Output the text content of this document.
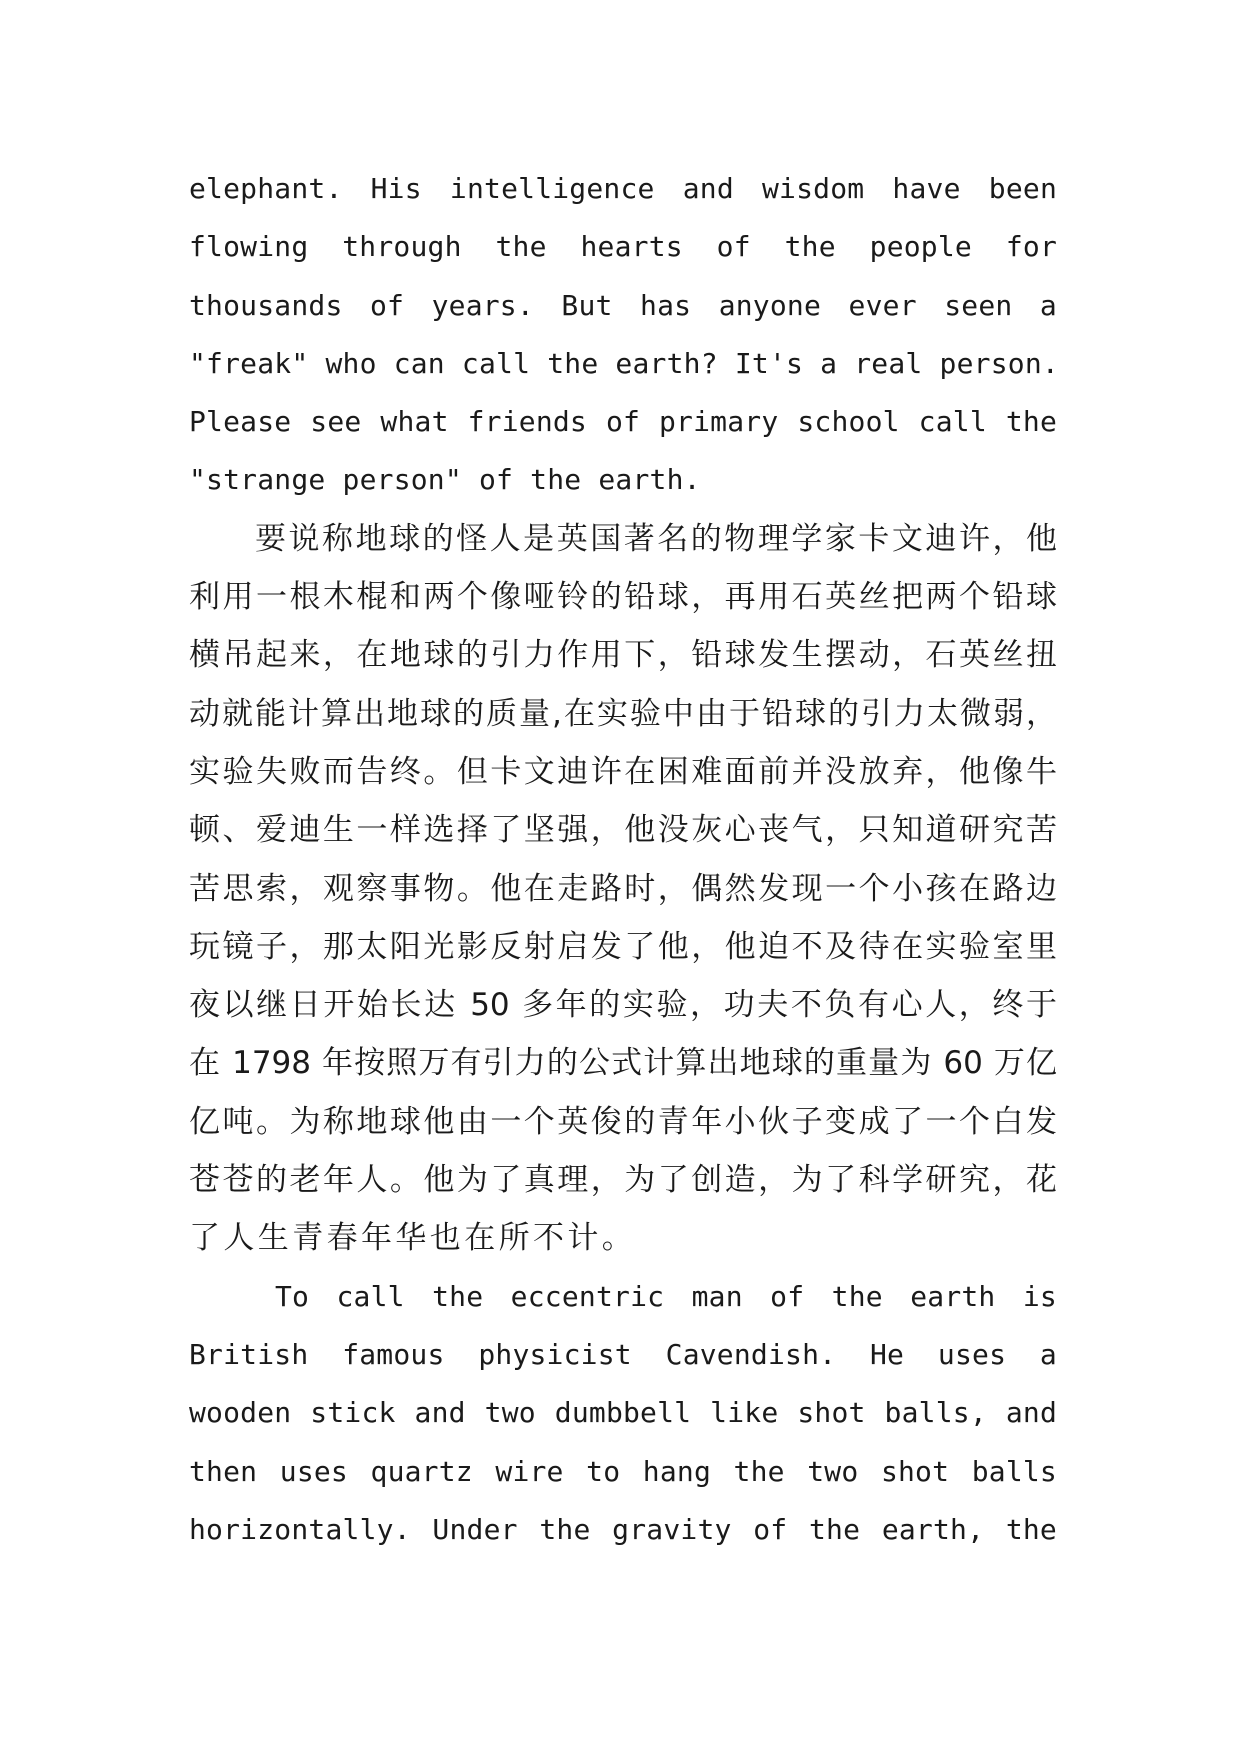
elephant. His intelligence and wisdom have been
flowing through the hearts of the people for
thousands of years. But has anyone ever seen a
"freak" who can call the earth? It's a real person.
Please see what friends of primary school call the
"strange person" of the earth.
要说称地球的怪人是英国著名的物理学家卡文迪许，他
利用一根木棍和两个像哑铃的铅球，再用石英丝把两个铅球
横吊起来，在地球的引力作用下，铅球发生摆动，石英丝扭
动就能计算出地球的质量,在实验中由于铅球的引力太微弱，
实验失败而告终。但卡文迪许在困难面前并没放弃，他像牛
顿、爱迪生一样选择了坚强，他没灰心丧气，只知道研究苦
苦思索，观察事物。他在走路时，偶然发现一个小孩在路边
玩镜子，那太阳光影反射启发了他，他迫不及待在实验室里
夜以继日开始长达 50 多年的实验，功夫不负有心人，终于
在 1798 年按照万有引力的公式计算出地球的重量为 60 万亿
亿吨。为称地球他由一个英俊的青年小伙子变成了一个白发
苍苍的老年人。他为了真理，为了创造，为了科学研究，花
了人生青春年华也在所不计。
To call the eccentric man of the earth is
British famous physicist Cavendish. He uses a
wooden stick and two dumbbell like shot balls, and
then uses quartz wire to hang the two shot balls
horizontally. Under the gravity of the earth, the
